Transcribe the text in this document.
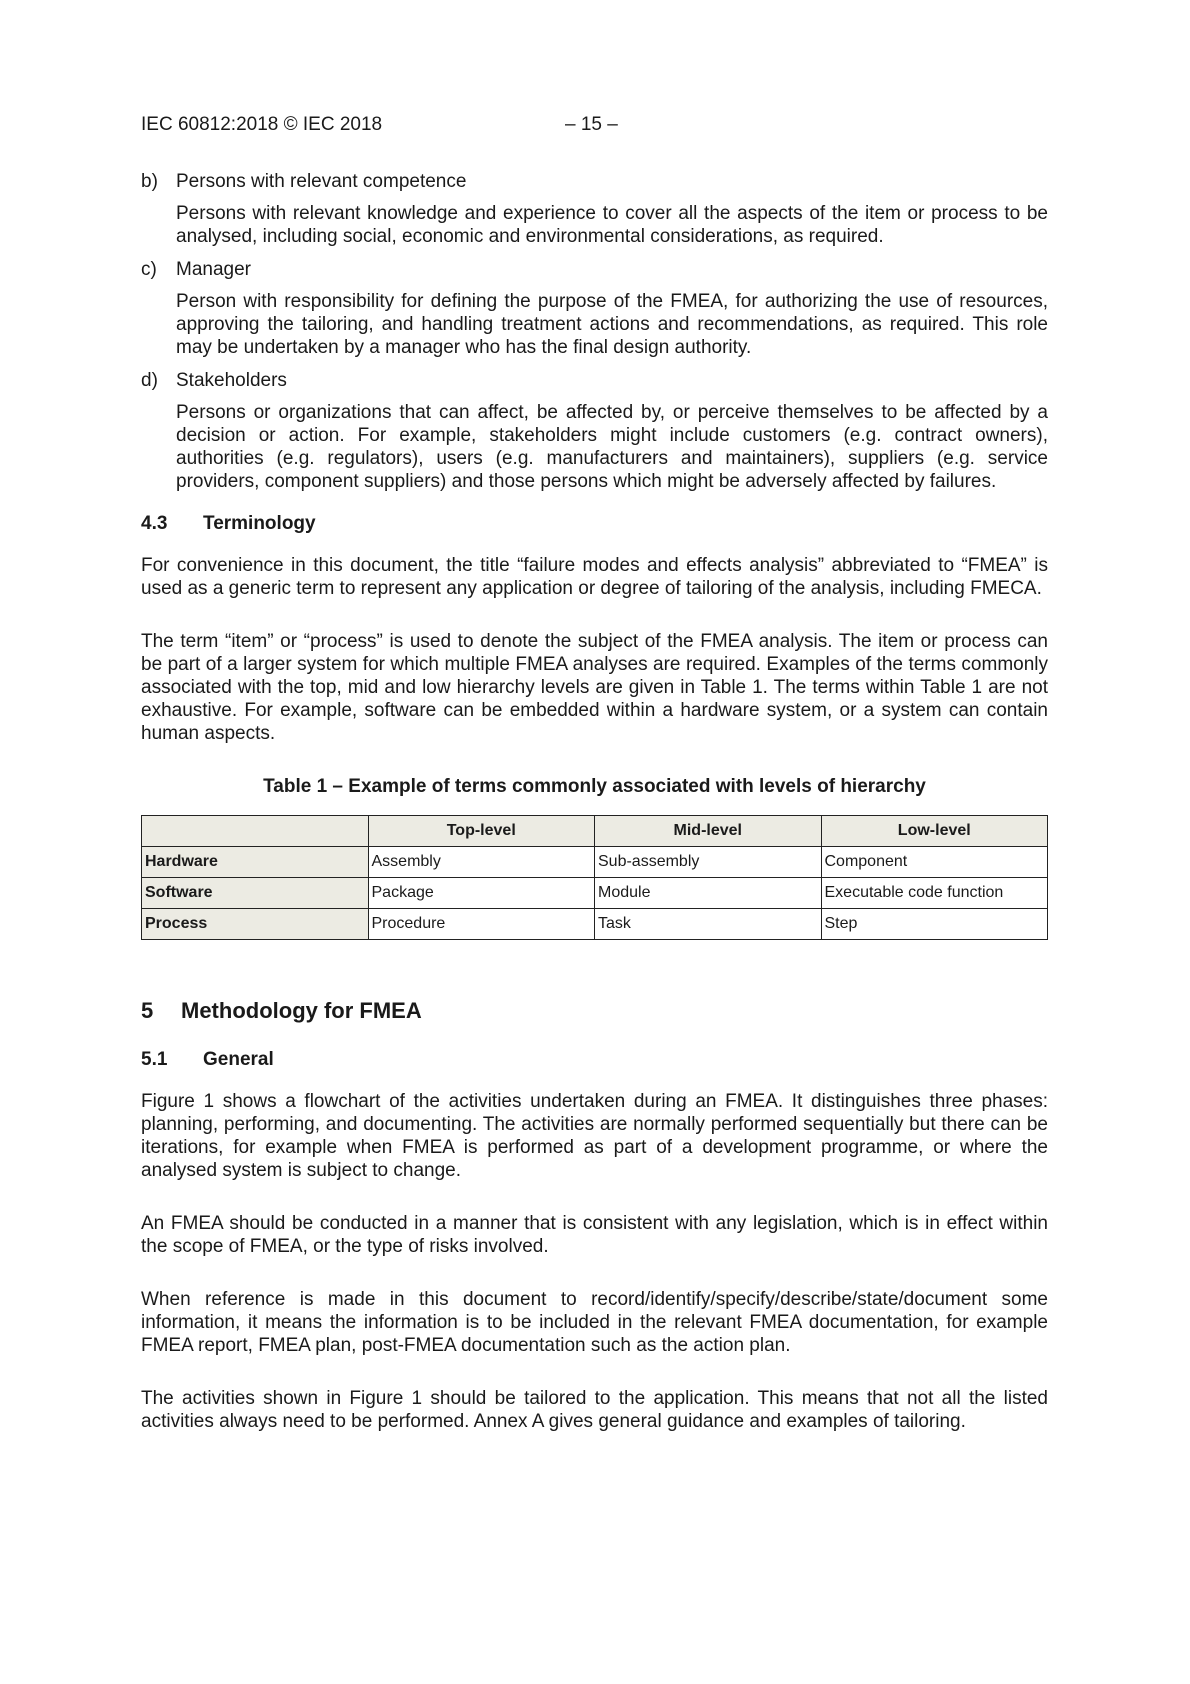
IEC 60812:2018 © IEC 2018	– 15 –
b) Persons with relevant competence

Persons with relevant knowledge and experience to cover all the aspects of the item or process to be analysed, including social, economic and environmental considerations, as required.

c) Manager

Person with responsibility for defining the purpose of the FMEA, for authorizing the use of resources, approving the tailoring, and handling treatment actions and recommendations, as required. This role may be undertaken by a manager who has the final design authority.

d) Stakeholders

Persons or organizations that can affect, be affected by, or perceive themselves to be affected by a decision or action. For example, stakeholders might include customers (e.g. contract owners), authorities (e.g. regulators), users (e.g. manufacturers and maintainers), suppliers (e.g. service providers, component suppliers) and those persons which might be adversely affected by failures.

4.3 Terminology

For convenience in this document, the title “failure modes and effects analysis” abbreviated to “FMEA” is used as a generic term to represent any application or degree of tailoring of the analysis, including FMECA.

The term “item” or “process” is used to denote the subject of the FMEA analysis. The item or process can be part of a larger system for which multiple FMEA analyses are required. Examples of the terms commonly associated with the top, mid and low hierarchy levels are given in Table 1. The terms within Table 1 are not exhaustive. For example, software can be embedded within a hardware system, or a system can contain human aspects.

Table 1 – Example of terms commonly associated with levels of hierarchy
	Top-level	Mid-level	Low-level
Hardware	Assembly	Sub-assembly	Component
Software	Package	Module	Executable code function
Process	Procedure	Task	Step
5 Methodology for FMEA
5.1 General

Figure 1 shows a flowchart of the activities undertaken during an FMEA. It distinguishes three phases: planning, performing, and documenting. The activities are normally performed sequentially but there can be iterations, for example when FMEA is performed as part of a development programme, or where the analysed system is subject to change.

An FMEA should be conducted in a manner that is consistent with any legislation, which is in effect within the scope of FMEA, or the type of risks involved.

When reference is made in this document to record/identify/specify/describe/state/document some information, it means the information is to be included in the relevant FMEA documentation, for example FMEA report, FMEA plan, post-FMEA documentation such as the action plan.

The activities shown in Figure 1 should be tailored to the application. This means that not all the listed activities always need to be performed. Annex A gives general guidance and examples of tailoring.
